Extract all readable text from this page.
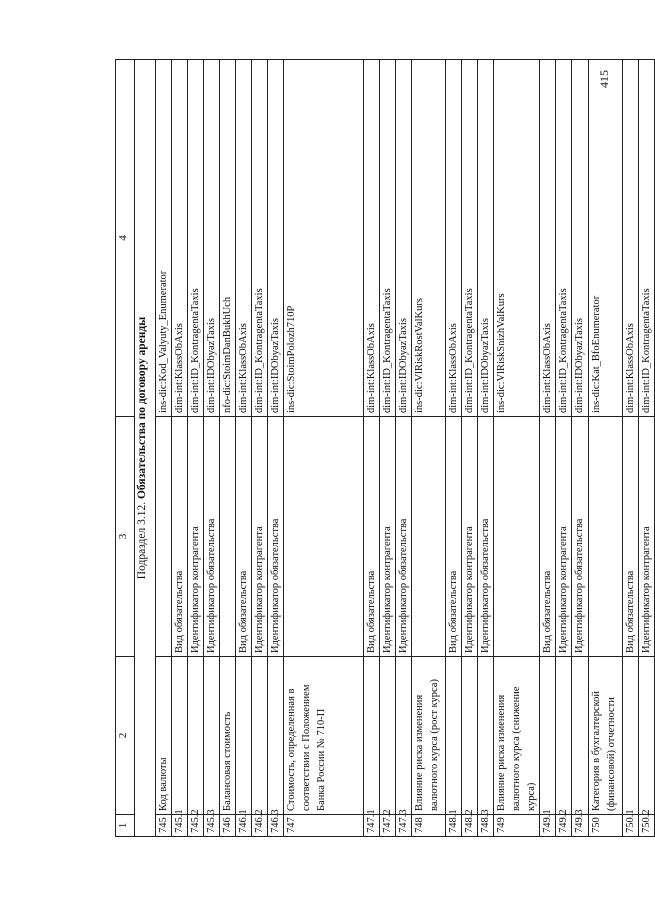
415
1	2	3	4
Подраздел 3.12. Обязательства по договору аренды			
745	Код валюты		ins-dic:Kod_Valyuty_Enumerator
745.1		Вид обязательства	dim-int:KlassObAxis
745.2		Идентификатор контрагента	dim-int:ID_KontragentaTaxis
745.3		Идентификатор обязательства	dim-int:IDObyazTaxis
746	Балансовая стоимость		nfo-dic:StoimDanBukhUch
746.1		Вид обязательства	dim-int:KlassObAxis
746.2		Идентификатор контрагента	dim-int:ID_KontragentaTaxis
746.3		Идентификатор обязательства	dim-int:IDObyazTaxis
747	Стоимость, определенная в соответствии с Положением Банка России № 710-П		ins-dic:StoimPolozh710P
747.1		Вид обязательства	dim-int:KlassObAxis
747.2		Идентификатор контрагента	dim-int:ID_KontragentaTaxis
747.3		Идентификатор обязательства	dim-int:IDObyazTaxis
748	Влияние риска изменения валютного курса (рост курса)		ins-dic:VlRiskRostValKurs
748.1		Вид обязательства	dim-int:KlassObAxis
748.2		Идентификатор контрагента	dim-int:ID_KontragentaTaxis
748.3		Идентификатор обязательства	dim-int:IDObyazTaxis
749	Влияние риска изменения валютного курса (снижение курса)		ins-dic:VlRiskSnizhValKurs
749.1		Вид обязательства	dim-int:KlassObAxis
749.2		Идентификатор контрагента	dim-int:ID_KontragentaTaxis
749.3		Идентификатор обязательства	dim-int:IDObyazTaxis
750	Категория в бухгалтерской (финансовой) отчетности		ins-dic:Kat_BfoEnumerator
750.1		Вид обязательства	dim-int:KlassObAxis
750.2		Идентификатор контрагента	dim-int:ID_KontragentaTaxis
